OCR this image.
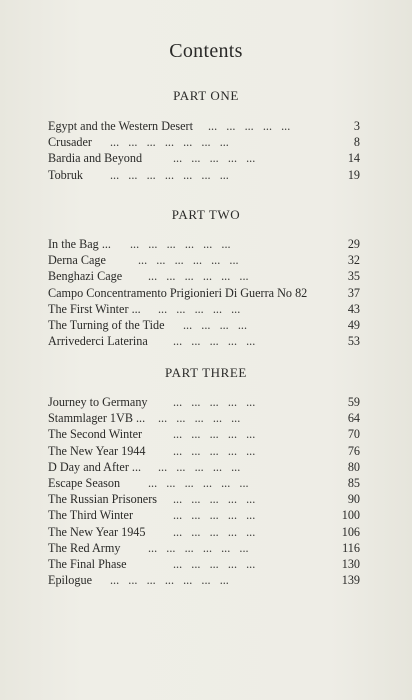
Contents
PART ONE
Egypt and the Western Desert ...   ...   ...   ...   ...	3
Crusader ...   ...   ...   ...   ...   ...   ...	8
Bardia and Beyond	...   ...   ...   ...   ...	14
Tobruk ...   ...   ...   ...   ...   ...   ...	19
PART TWO
In the Bag ... ...   ...   ...   ...   ...   ...	29
Derna Cage	...   ...   ...   ...   ...   ...	32
Benghazi Cage ...   ...   ...   ...   ...   ...	35
Campo Concentramento Prigionieri Di Guerra No 82	37
The First Winter ... ...   ...   ...   ...   ...	43
The Turning of the Tide ...   ...   ...   ...	49
Arrivederci Laterina ...   ...   ...   ...   ...	53
PART THREE
Journey to Germany ...   ...   ...   ...   ...	59
Stammlager 1VB ... ...   ...   ...   ...   ...	64
The Second Winter	...   ...   ...   ...   ...	70
The New Year 1944 ...   ...   ...   ...   ...	76
D Day and After ... ...   ...   ...   ...   ...	80
Escape Season ...   ...   ...   ...   ...   ...	85
The Russian Prisoners ...   ...   ...   ...   ...	90
The Third Winter	...   ...   ...   ...   ...	100
The New Year 1945 ...   ...   ...   ...   ...	106
The Red Army ...   ...   ...   ...   ...   ...	116
The Final Phase	...   ...   ...   ...   ...	130
Epilogue ...   ...   ...   ...   ...   ...   ...	139
